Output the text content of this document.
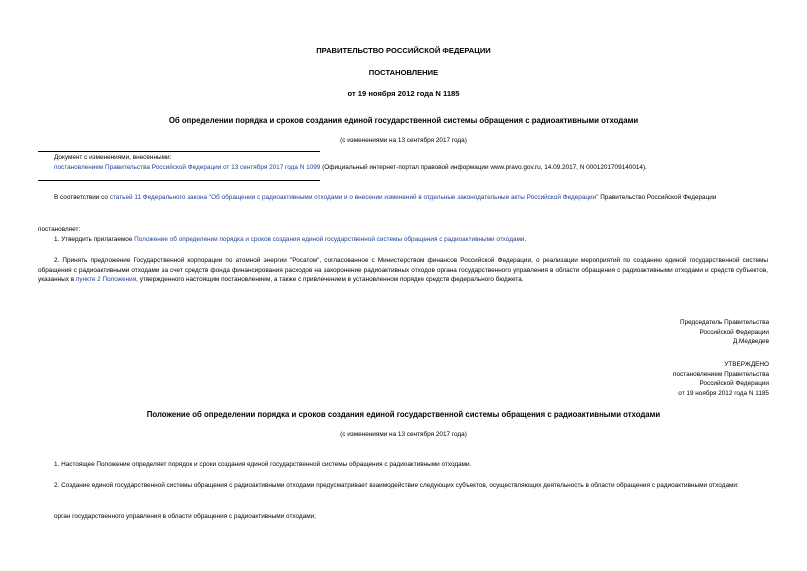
ПРАВИТЕЛЬСТВО РОССИЙСКОЙ ФЕДЕРАЦИИ
ПОСТАНОВЛЕНИЕ
от 19 ноября 2012 года N 1185
Об определении порядка и сроков создания единой государственной системы обращения с радиоактивными отходами
(с изменениями на 13 сентября 2017 года)
Документ с изменениями, внесенными:
постановлением Правительства Российской Федерации от 13 сентября 2017 года N 1099 (Официальный интернет-портал правовой информации www.pravo.gov.ru, 14.09.2017, N 0001201709140014).
В соответствии со статьей 11 Федерального закона "Об обращении с радиоактивными отходами и о внесении изменений в отдельные законодательные акты Российской Федерации" Правительство Российской Федерации
постановляет:
1. Утвердить прилагаемое Положение об определении порядка и сроков создания единой государственной системы обращения с радиоактивными отходами.
2. Принять предложение Государственной корпорации по атомной энергии "Росатом", согласованное с Министерством финансов Российской Федерации, о реализации мероприятий по созданию единой государственной системы обращения с радиоактивными отходами за счет средств фонда финансирования расходов на захоронение радиоактивных отходов органа государственного управления в области обращения с радиоактивными отходами и средств субъектов, указанных в пункте 2 Положения, утвержденного настоящим постановлением, а также с привлечением в установленном порядке средств федерального бюджета.
Председатель Правительства
Российской Федерации
Д.Медведев
УТВЕРЖДЕНО
постановлением Правительства
Российской Федерации
от 19 ноября 2012 года N 1185
Положение об определении порядка и сроков создания единой государственной системы обращения с радиоактивными отходами
(с изменениями на 13 сентября 2017 года)
1. Настоящее Положение определяет порядок и сроки создания единой государственной системы обращения с радиоактивными отходами.
2. Создание единой государственной системы обращения с радиоактивными отходами предусматривает взаимодействие следующих субъектов, осуществляющих деятельность в области обращения с радиоактивными отходами:
орган государственного управления в области обращения с радиоактивными отходами;
